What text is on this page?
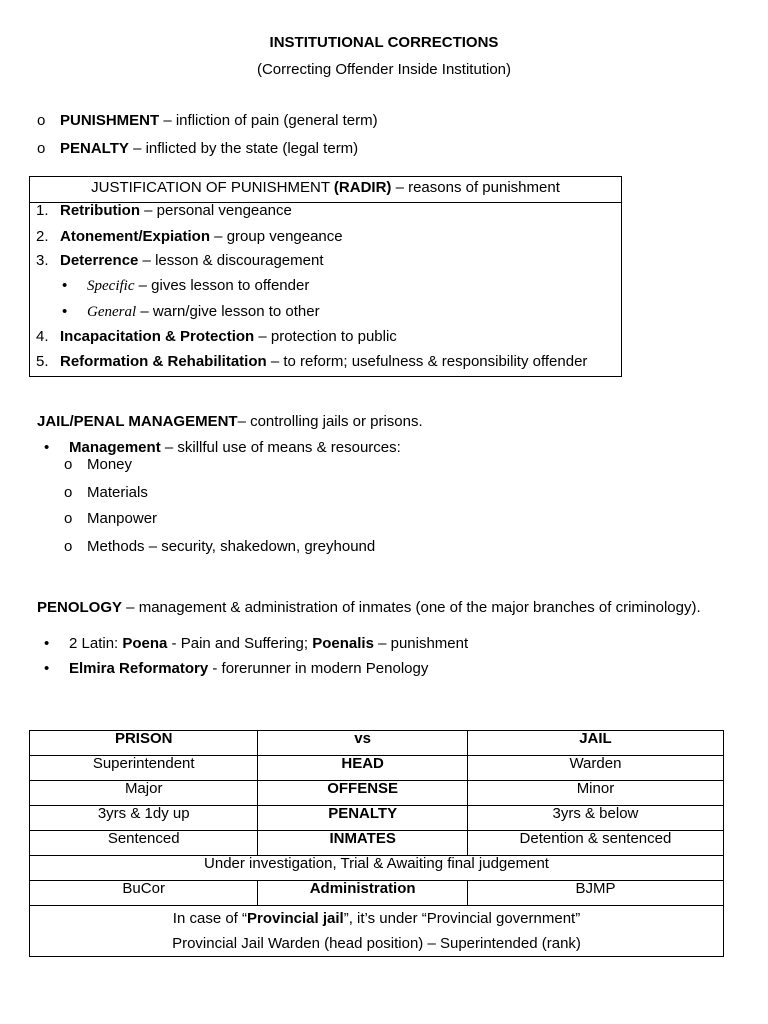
INSTITUTIONAL CORRECTIONS
(Correcting Offender Inside Institution)
o PUNISHMENT – infliction of pain (general term)
o PENALTY – inflicted by the state (legal term)
JUSTIFICATION OF PUNISHMENT (RADIR) – reasons of punishment
1. Retribution – personal vengeance
2. Atonement/Expiation – group vengeance
3. Deterrence – lesson & discouragement
• Specific – gives lesson to offender
• General – warn/give lesson to other
4. Incapacitation & Protection – protection to public
5. Reformation & Rehabilitation – to reform; usefulness & responsibility offender
JAIL/PENAL MANAGEMENT– controlling jails or prisons.
• Management – skillful use of means & resources:
o Money
o Materials
o Manpower
o Methods – security, shakedown, greyhound
PENOLOGY – management & administration of inmates (one of the major branches of criminology).
• 2 Latin: Poena - Pain and Suffering; Poenalis – punishment
• Elmira Reformatory - forerunner in modern Penology
PRISON	vs	JAIL
Superintendent	HEAD	Warden
Major	OFFENSE	Minor
3yrs & 1dy up	PENALTY	3yrs & below
Sentenced	INMATES	Detention & sentenced
Under investigation, Trial & Awaiting final judgement		
BuCor	Administration	BJMP

In case of “Provincial jail”, it’s under “Provincial government”
Provincial Jail Warden (head position) – Superintended (rank)		
